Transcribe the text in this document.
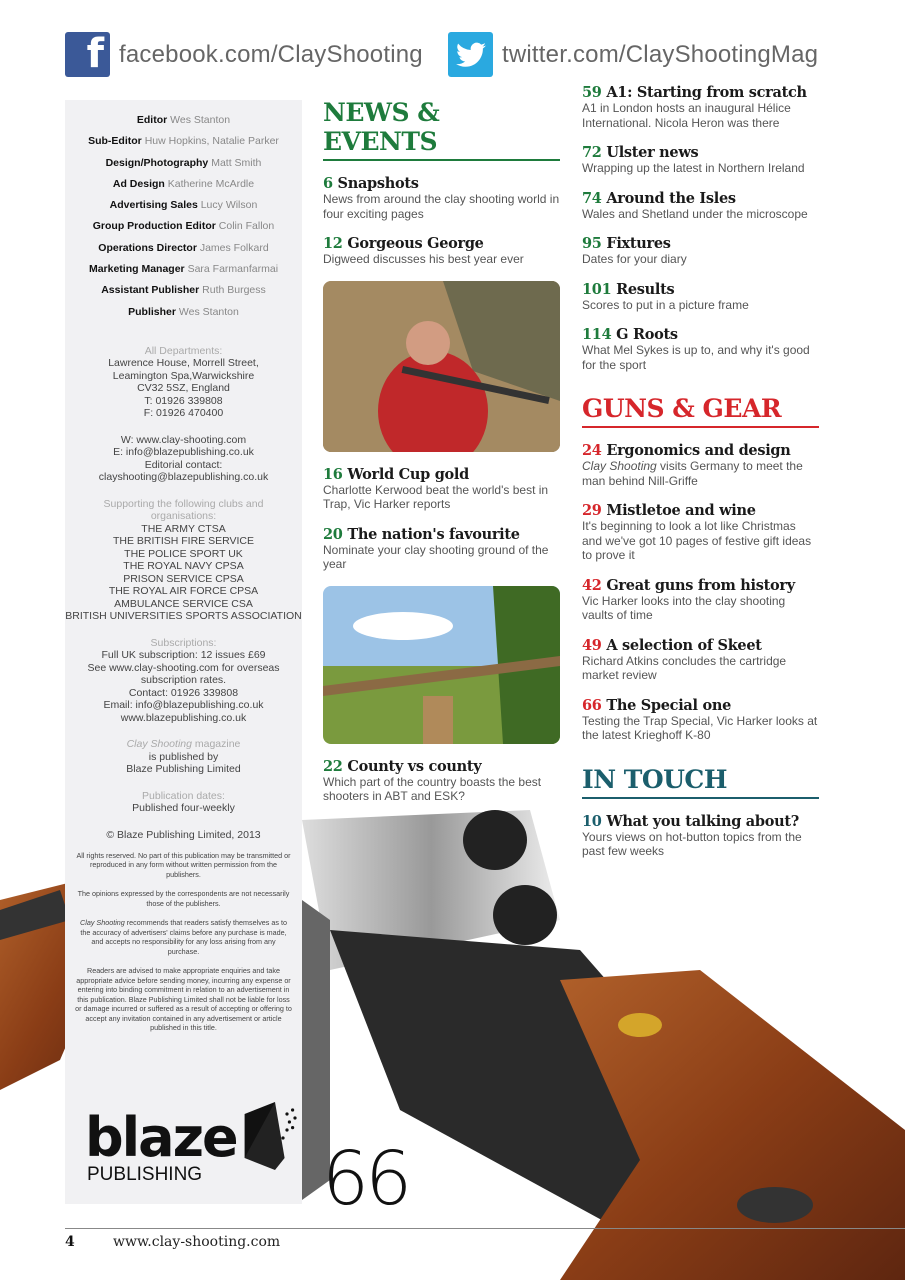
f facebook.com/ClayShooting	twitter.com/ClayShootingMag
Editor Wes Stanton
Sub-Editor Huw Hopkins, Natalie Parker
Design/Photography Matt Smith
Ad Design Katherine McArdle
Advertising Sales Lucy Wilson
Group Production Editor Colin Fallon
Operations Director James Folkard
Marketing Manager Sara Farmanfarmai
Assistant Publisher Ruth Burgess
Publisher Wes Stanton
All Departments:
Lawrence House, Morrell Street,
Leamington Spa,Warwickshire
CV32 5SZ, England
T: 01926 339808
F: 01926 470400
W: www.clay-shooting.com
E: info@blazepublishing.co.uk
Editorial contact:
clayshooting@blazepublishing.co.uk
Supporting the following clubs and organisations:
THE ARMY CTSA
THE BRITISH FIRE SERVICE
THE POLICE SPORT UK
THE ROYAL NAVY CPSA
PRISON SERVICE CPSA
THE ROYAL AIR FORCE CPSA
AMBULANCE SERVICE CSA
BRITISH UNIVERSITIES SPORTS ASSOCIATION
Subscriptions:
Full UK subscription: 12 issues £69
See www.clay-shooting.com for overseas subscription rates.
Contact: 01926 339808
Email: info@blazepublishing.co.uk
www.blazepublishing.co.uk
Clay Shooting magazine
is published by
Blaze Publishing Limited
Publication dates:
Published four-weekly
© Blaze Publishing Limited, 2013

All rights reserved. No part of this publication may be transmitted or reproduced in any form without written permission from the publishers.

The opinions expressed by the correspondents are not necessarily those of the publishers.

Clay Shooting recommends that readers satisfy themselves as to the accuracy of advertisers' claims before any purchase is made, and accepts no responsibility for any loss arising from any purchase.

Readers are advised to make appropriate enquiries and take appropriate advice before sending money, incurring any expense or entering into binding commitment in relation to an advertisement in this publication. Blaze Publishing Limited shall not be liable for loss or damage incurred or suffered as a result of accepting or offering to accept any invitation contained in any advertisement or article published in this title.

blaze
PUBLISHING
NEWS & EVENTS
6 Snapshots

News from around the clay shooting world in four exciting pages

12 Gorgeous George

Digweed discusses his best year ever

16 World Cup gold

Charlotte Kerwood beat the world's best in Trap, Vic Harker reports

20 The nation's favourite

Nominate your clay shooting ground of the year

22 County vs county

Which part of the country boasts the best shooters in ABT and ESK?

59 A1: Starting from scratch

A1 in London hosts an inaugural Hélice International. Nicola Heron was there

72 Ulster news

Wrapping up the latest in Northern Ireland

74 Around the Isles

Wales and Shetland under the microscope

95 Fixtures

Dates for your diary

101 Results

Scores to put in a picture frame

114 G Roots

What Mel Sykes is up to, and why it's good for the sport

GUNS & GEAR
24 Ergonomics and design

Clay Shooting visits Germany to meet the man behind Nill-Griffe

29 Mistletoe and wine

It's beginning to look a lot like Christmas and we've got 10 pages of festive gift ideas to prove it

42 Great guns from history

Vic Harker looks into the clay shooting vaults of time

49 A selection of Skeet

Richard Atkins concludes the cartridge market review

66 The Special one

Testing the Trap Special, Vic Harker looks at the latest Krieghoff K-80

IN TOUCH
10 What you talking about?

Yours views on hot-button topics from the past few weeks

66
4	www.clay-shooting.com
